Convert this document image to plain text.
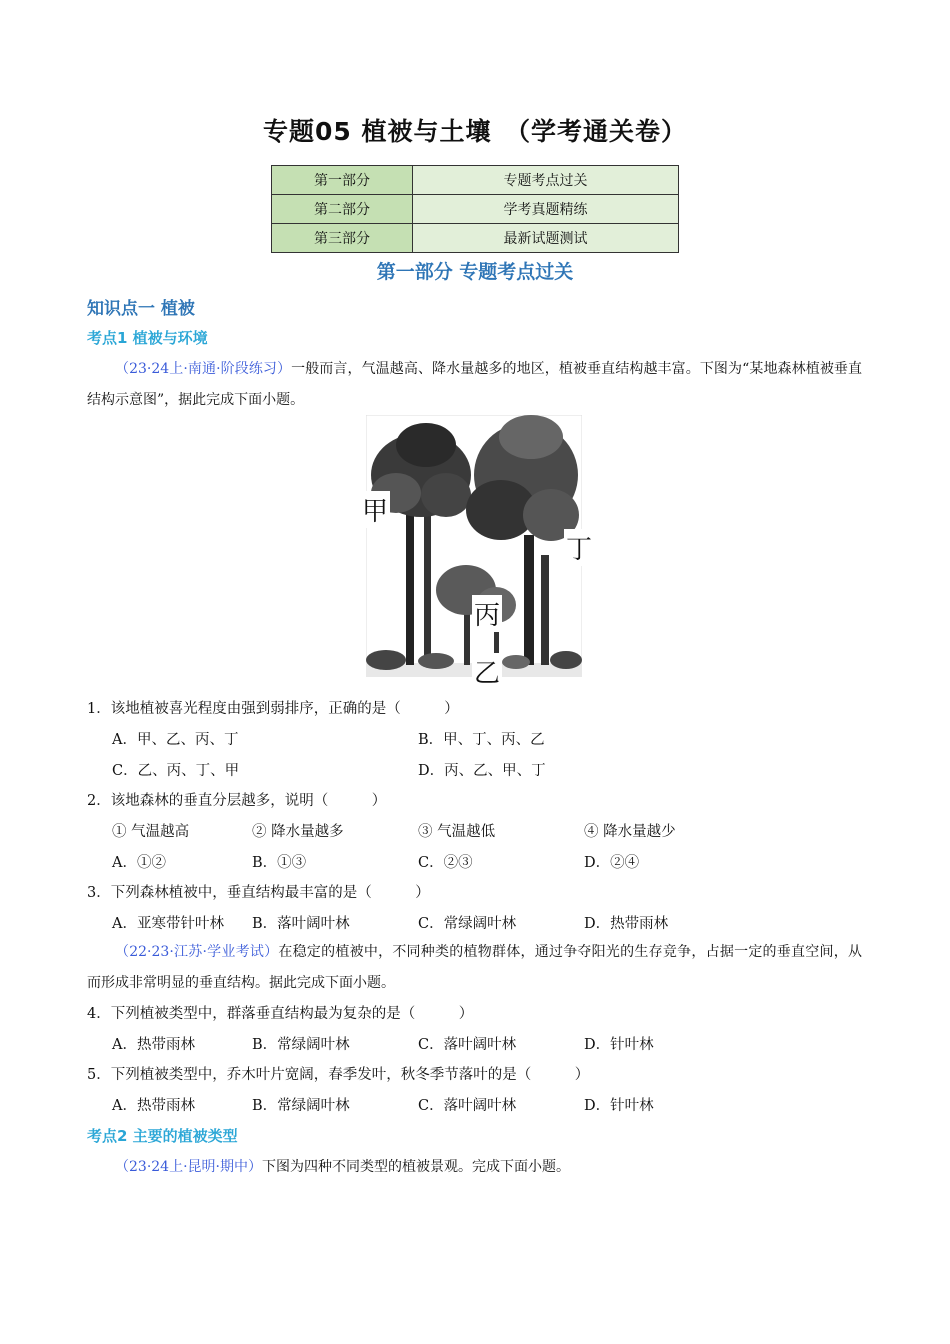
专题05 植被与土壤　（学考通关卷）
第一部分	专题考点过关
第二部分	学考真题精练
第三部分	最新试题测试
第一部分 专题考点过关
知识点一 植被
考点1 植被与环境
（23·24上·南通·阶段练习）一般而言，气温越高、降水量越多的地区，植被垂直结构越丰富。下图为“某地森林植被垂直结构示意图”，据此完成下面小题。
甲
丁
丙
乙
1．该地植被喜光程度由强到弱排序，正确的是（　　　）
A．甲、乙、丙、丁	B．甲、丁、丙、乙
C．乙、丙、丁、甲	D．丙、乙、甲、丁
2．该地森林的垂直分层越多，说明（　　　）
① 气温越高	② 降水量越多	③ 气温越低	④ 降水量越少
A．①②	B．①③	C．②③	D．②④
3．下列森林植被中，垂直结构最丰富的是（　　　）
A．亚寒带针叶林 B．落叶阔叶林	C．常绿阔叶林	D．热带雨林
（22·23·江苏·学业考试）在稳定的植被中，不同种类的植物群体，通过争夺阳光的生存竞争，占据一定的垂直空间，从而形成非常明显的垂直结构。据此完成下面小题。
4．下列植被类型中，群落垂直结构最为复杂的是（　　　）
A．热带雨林	B．常绿阔叶林	C．落叶阔叶林	D．针叶林
5．下列植被类型中，乔木叶片宽阔，春季发叶，秋冬季节落叶的是（　　　）
A．热带雨林	B．常绿阔叶林	C．落叶阔叶林	D．针叶林
考点2 主要的植被类型
（23·24上·昆明·期中）下图为四种不同类型的植被景观。完成下面小题。
